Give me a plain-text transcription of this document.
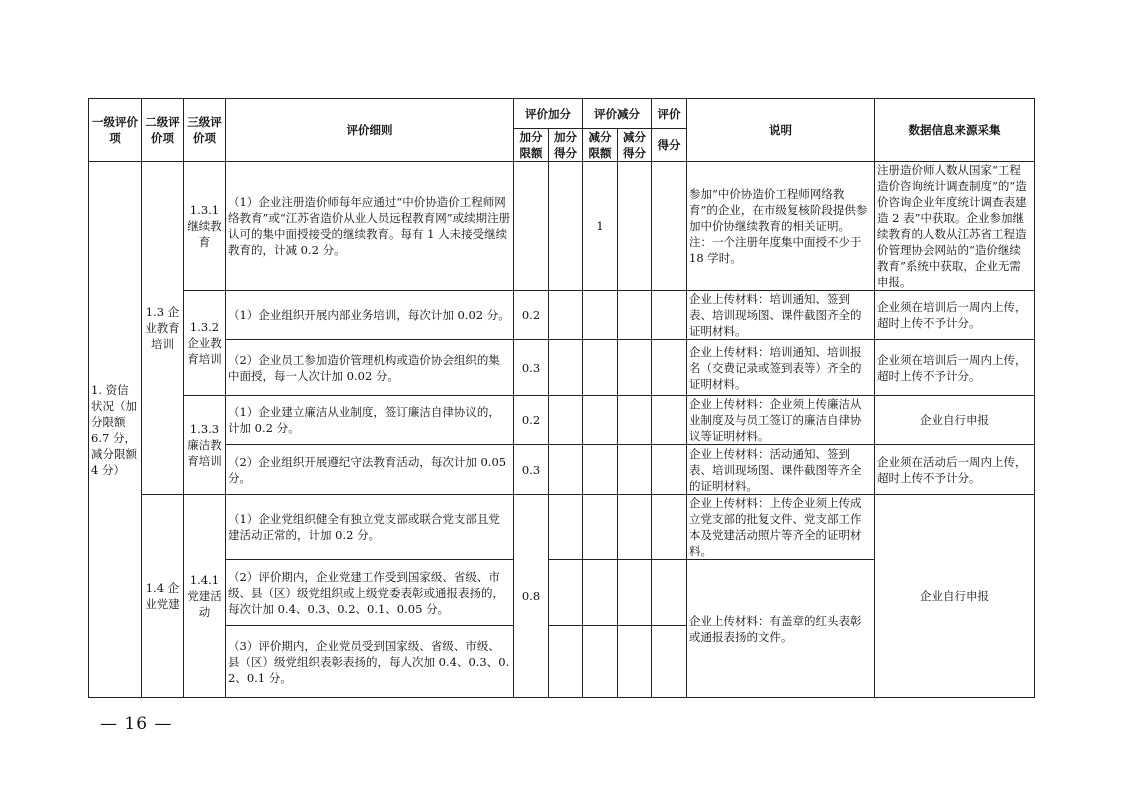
一级评价项	二级评价项	三级评价项	评价细则	评价加分		评价减分		评价	说明	数据信息来源采集
				加分限额	加分得分	减分限额	减分得分	得分		
1. 资信状况（加分限额 6.7 分，减分限额 4 分）	1.3 企业教育培训	1.3.1 继续教育	（1）企业注册造价师每年应通过“中价协造价工程师网络教育”或“江苏省造价从业人员远程教育网”或续期注册认可的集中面授接受的继续教育。每有 1 人未接受继续教育的，计减 0.2 分。			1			参加“中价协造价工程师网络教育”的企业，在市级复核阶段提供参加中价协继续教育的相关证明。注：一个注册年度集中面授不少于 18 学时。	注册造价师人数从国家“工程造价咨询统计调查制度”的“造价咨询企业年度统计调查表建造 2 表”中获取。企业参加继续教育的人数从江苏省工程造价管理协会网站的“造价继续教育”系统中获取，企业无需申报。
		1.3.2 企业教育培训	（1）企业组织开展内部业务培训，每次计加 0.02 分。	0.2					企业上传材料：培训通知、签到表、培训现场图、课件截图齐全的证明材料。	企业须在培训后一周内上传，超时上传不予计分。
			（2）企业员工参加造价管理机构或造价协会组织的集中面授，每一人次计加 0.02 分。	0.3					企业上传材料：培训通知、培训报名（交费记录或签到表等）齐全的证明材料。	企业须在培训后一周内上传，超时上传不予计分。
		1.3.3 廉洁教育培训	（1）企业建立廉洁从业制度，签订廉洁自律协议的，计加 0.2 分。	0.2					企业上传材料：企业须上传廉洁从业制度及与员工签订的廉洁自律协议等证明材料。	企业自行申报
			（2）企业组织开展遵纪守法教育活动，每次计加 0.05 分。	0.3					企业上传材料：活动通知、签到表、培训现场图、课件截图等齐全的证明材料。	企业须在活动后一周内上传，超时上传不予计分。
	1.4 企业党建	1.4.1 党建活动	（1）企业党组织健全有独立党支部或联合党支部且党建活动正常的，计加 0.2 分。	0.8					企业上传材料：上传企业须上传成立党支部的批复文件、党支部工作本及党建活动照片等齐全的证明材料。	企业自行申报
			（2）评价期内，企业党建工作受到国家级、省级、市级、县（区）级党组织或上级党委表彰或通报表扬的，每次计加 0.4、0.3、0.2、0.1、0.05 分。						企业上传材料：有盖章的红头表彰或通报表扬的文件。	
			（3）评价期内，企业党员受到国家级、省级、市级、县（区）级党组织表彰表扬的，每人次加 0.4、0.3、0.2、0.1 分。							
— 16 —
